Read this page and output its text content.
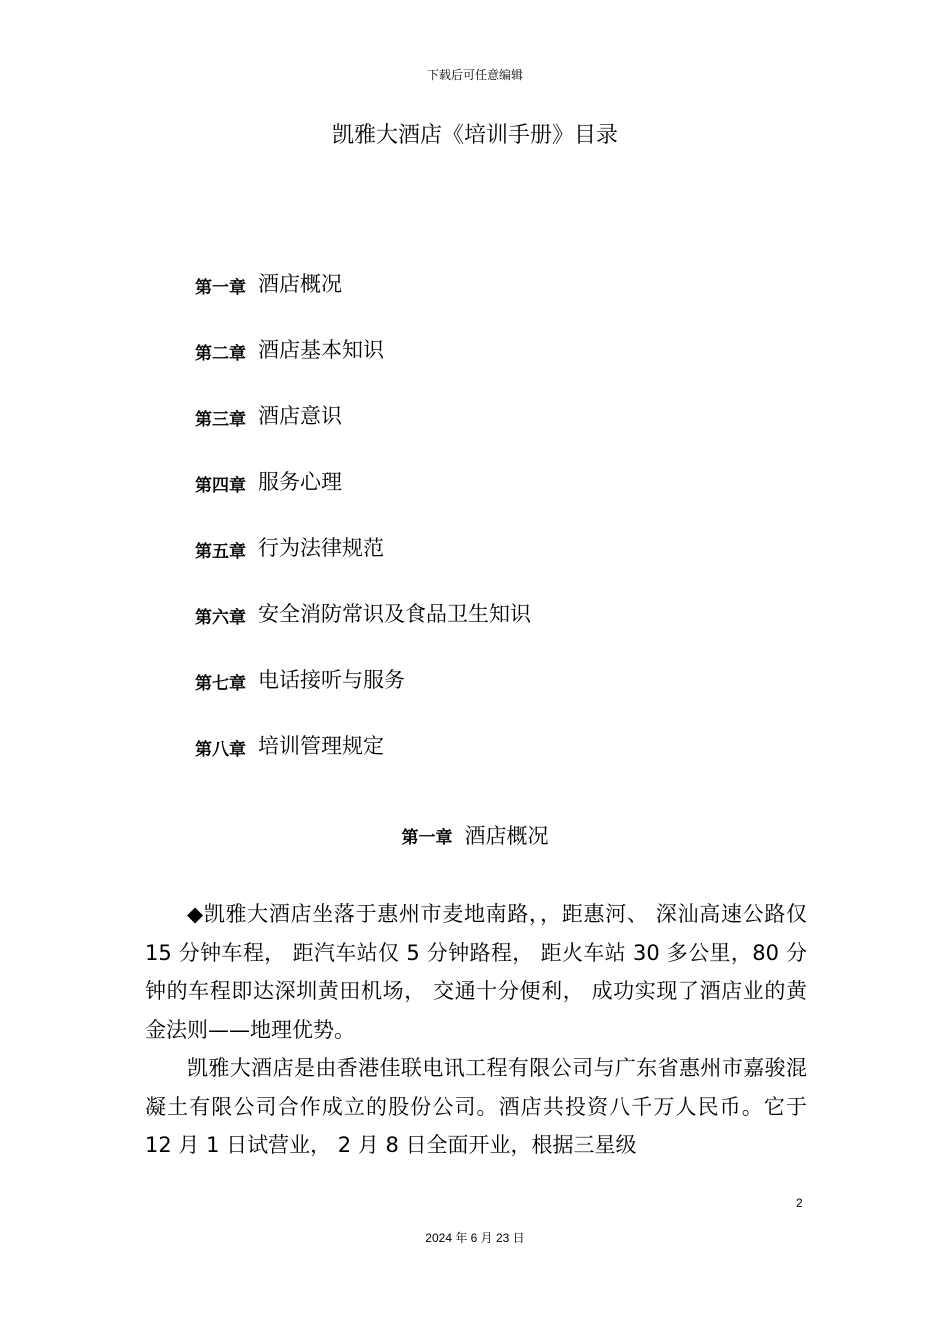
下载后可任意编辑
凯雅大酒店《培训手册》目录
第一章 酒店概况
第二章 酒店基本知识
第三章 酒店意识
第四章 服务心理
第五章 行为法律规范
第六章 安全消防常识及食品卫生知识
第七章 电话接听与服务
第八章 培训管理规定
第一章 酒店概况

◆凯雅大酒店坐落于惠州市麦地南路，，距惠河、 深汕高速公路仅 15 分钟车程， 距汽车站仅 5 分钟路程， 距火车站 30 多公里，80 分钟的车程即达深圳黄田机场， 交通十分便利， 成功实现了酒店业的黄金法则——地理优势。

凯雅大酒店是由香港佳联电讯工程有限公司与广东省惠州市嘉骏混凝土有限公司合作成立的股份公司。酒店共投资八千万人民币。它于 12 月 1 日试营业， 2 月 8 日全面开业，根据三星级

2
2024 年 6 月 23 日
